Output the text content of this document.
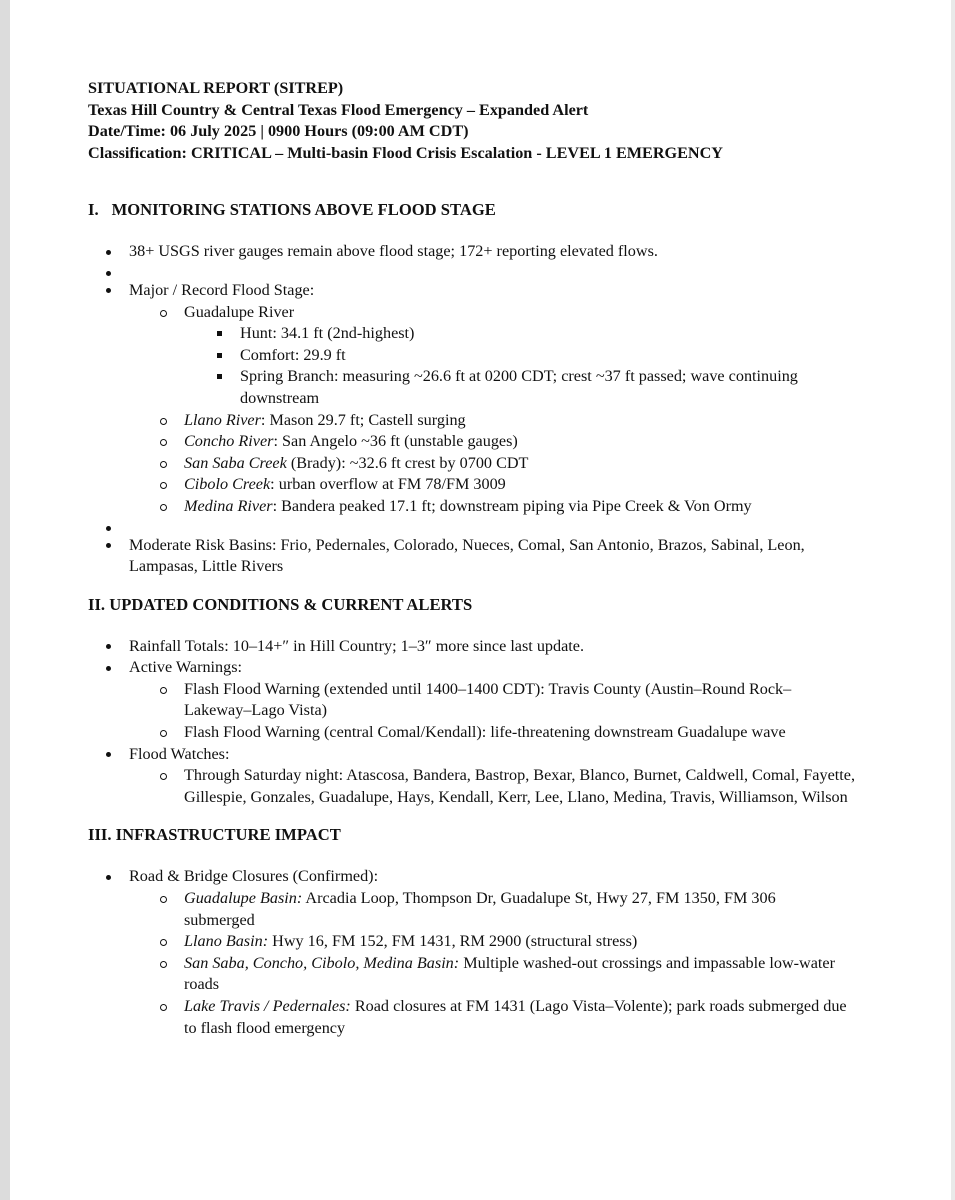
SITUATIONAL REPORT (SITREP)
Texas Hill Country & Central Texas Flood Emergency – Expanded Alert
Date/Time: 06 July 2025 | 0900 Hours (09:00 AM CDT)
Classification: CRITICAL – Multi-basin Flood Crisis Escalation - LEVEL 1 EMERGENCY
I. MONITORING STATIONS ABOVE FLOOD STAGE
38+ USGS river gauges remain above flood stage; 172+ reporting elevated flows.
Major / Record Flood Stage:
Guadalupe River
Hunt: 34.1 ft (2nd-highest)
Comfort: 29.9 ft
Spring Branch: measuring ~26.6 ft at 0200 CDT; crest ~37 ft passed; wave continuing downstream
Llano River: Mason 29.7 ft; Castell surging
Concho River: San Angelo ~36 ft (unstable gauges)
San Saba Creek (Brady): ~32.6 ft crest by 0700 CDT
Cibolo Creek: urban overflow at FM 78/FM 3009
Medina River: Bandera peaked 17.1 ft; downstream piping via Pipe Creek & Von Ormy
Moderate Risk Basins: Frio, Pedernales, Colorado, Nueces, Comal, San Antonio, Brazos, Sabinal, Leon, Lampasas, Little Rivers
II. UPDATED CONDITIONS & CURRENT ALERTS
Rainfall Totals: 10–14+″ in Hill Country; 1–3″ more since last update.
Active Warnings:
Flash Flood Warning (extended until 1400–1400 CDT): Travis County (Austin–Round Rock–Lakeway–Lago Vista)
Flash Flood Warning (central Comal/Kendall): life-threatening downstream Guadalupe wave
Flood Watches:
Through Saturday night: Atascosa, Bandera, Bastrop, Bexar, Blanco, Burnet, Caldwell, Comal, Fayette, Gillespie, Gonzales, Guadalupe, Hays, Kendall, Kerr, Lee, Llano, Medina, Travis, Williamson, Wilson
III. INFRASTRUCTURE IMPACT
Road & Bridge Closures (Confirmed):
Guadalupe Basin: Arcadia Loop, Thompson Dr, Guadalupe St, Hwy 27, FM 1350, FM 306 submerged
Llano Basin: Hwy 16, FM 152, FM 1431, RM 2900 (structural stress)
San Saba, Concho, Cibolo, Medina Basin: Multiple washed-out crossings and impassable low-water roads
Lake Travis / Pedernales: Road closures at FM 1431 (Lago Vista–Volente); park roads submerged due to flash flood emergency
